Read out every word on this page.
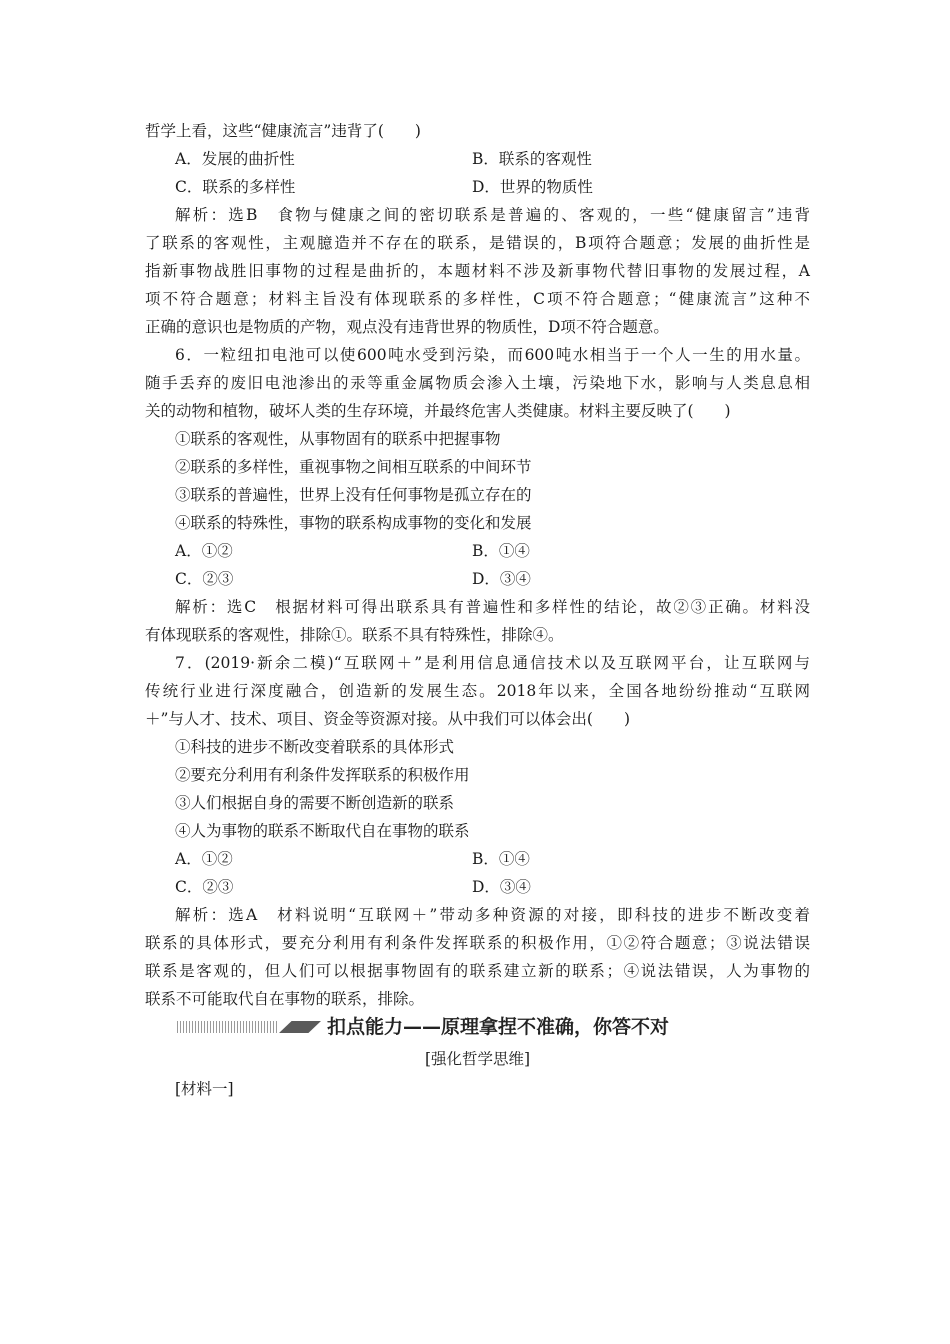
哲学上看，这些“健康流言”违背了(　　)
A．发展的曲折性	B．联系的客观性
C．联系的多样性	D．世界的物质性
解析：选B　食物与健康之间的密切联系是普遍的、客观的，一些“健康留言”违背
了联系的客观性，主观臆造并不存在的联系，是错误的，B项符合题意；发展的曲折性是
指新事物战胜旧事物的过程是曲折的，本题材料不涉及新事物代替旧事物的发展过程，A
项不符合题意；材料主旨没有体现联系的多样性，C项不符合题意；“健康流言”这种不
正确的意识也是物质的产物，观点没有违背世界的物质性，D项不符合题意。
6．一粒纽扣电池可以使600吨水受到污染，而600吨水相当于一个人一生的用水量。
随手丢弃的废旧电池渗出的汞等重金属物质会渗入土壤，污染地下水，影响与人类息息相
关的动物和植物，破坏人类的生存环境，并最终危害人类健康。材料主要反映了(　　)
①联系的客观性，从事物固有的联系中把握事物
②联系的多样性，重视事物之间相互联系的中间环节
③联系的普遍性，世界上没有任何事物是孤立存在的
④联系的特殊性，事物的联系构成事物的变化和发展
A．①②	B．①④
C．②③	D．③④
解析：选C　根据材料可得出联系具有普遍性和多样性的结论，故②③正确。材料没
有体现联系的客观性，排除①。联系不具有特殊性，排除④。
7．(2019·新余二模)“互联网＋”是利用信息通信技术以及互联网平台，让互联网与
传统行业进行深度融合，创造新的发展生态。2018年以来，全国各地纷纷推动“互联网
＋”与人才、技术、项目、资金等资源对接。从中我们可以体会出(　　)
①科技的进步不断改变着联系的具体形式
②要充分利用有利条件发挥联系的积极作用
③人们根据自身的需要不断创造新的联系
④人为事物的联系不断取代自在事物的联系
A．①②	B．①④
C．②③	D．③④
解析：选A　材料说明“互联网＋”带动多种资源的对接，即科技的进步不断改变着
联系的具体形式，要充分利用有利条件发挥联系的积极作用，①②符合题意；③说法错误
联系是客观的，但人们可以根据事物固有的联系建立新的联系；④说法错误，人为事物的
联系不可能取代自在事物的联系，排除。
扣点能力——原理拿捏不准确，你答不对
[强化哲学思维]
[材料一]
